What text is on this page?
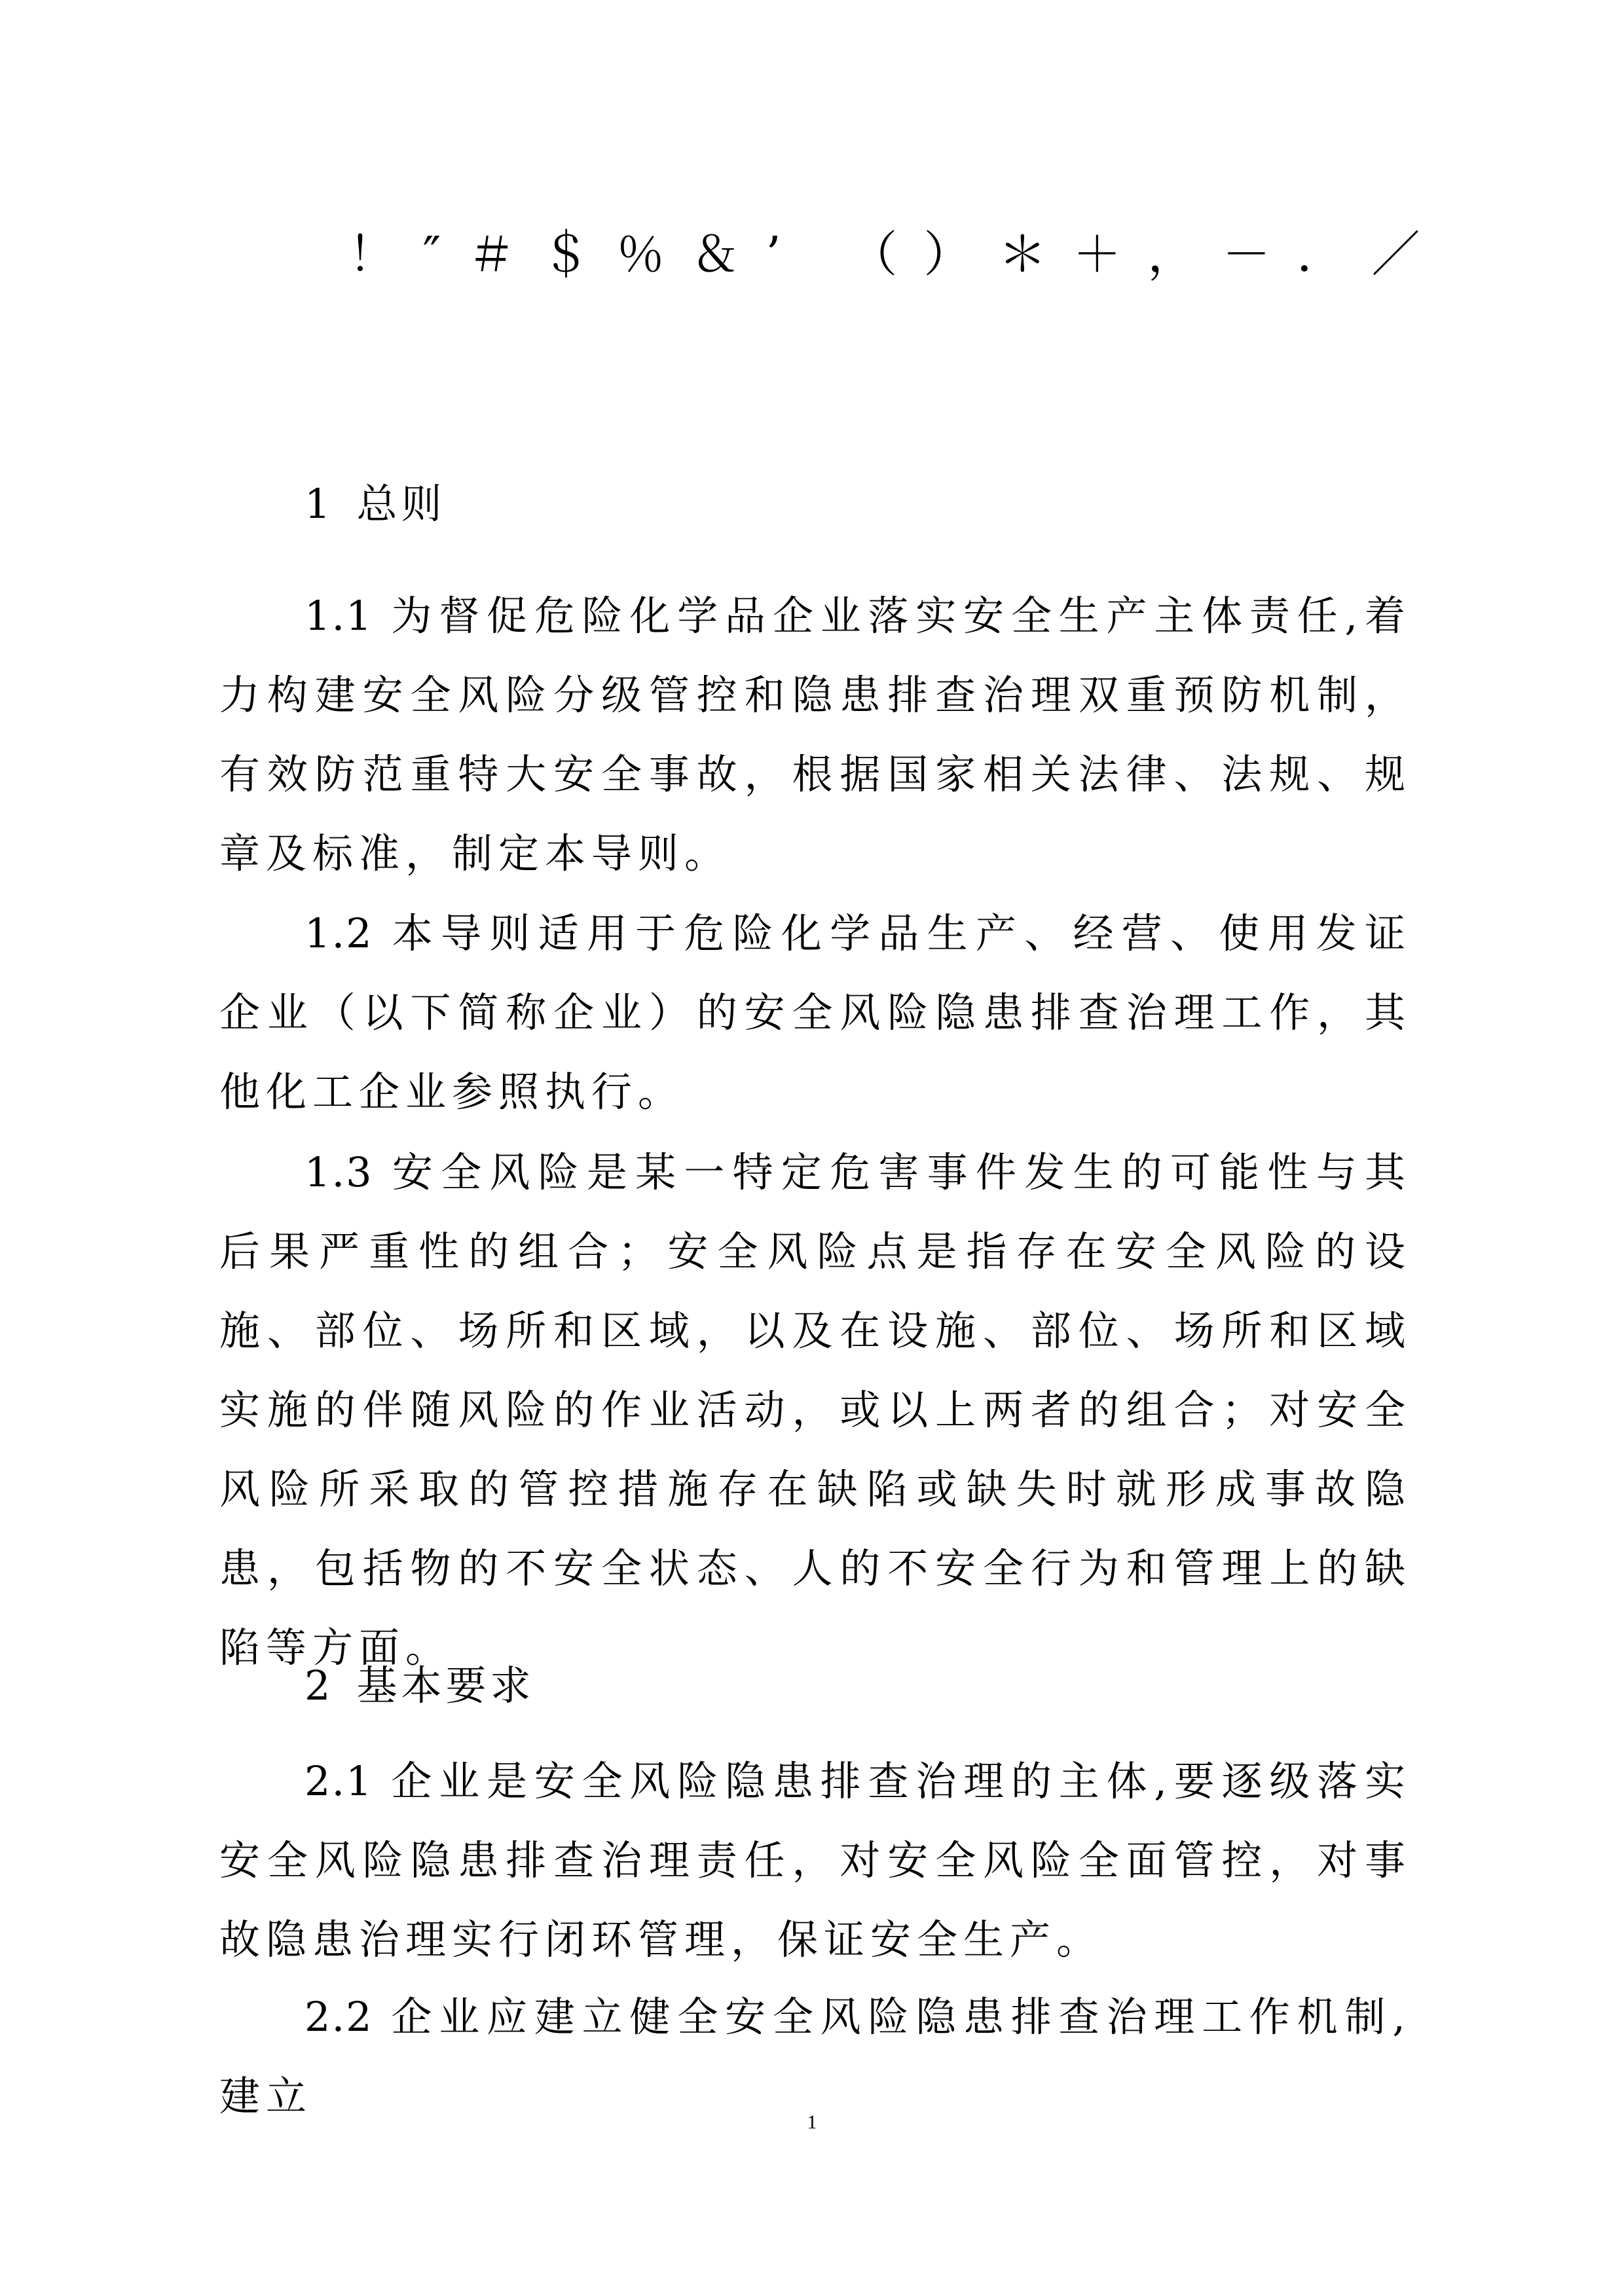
！″＃＄％＆’ （）＊＋，－．／
1 总则

1.1 为督促危险化学品企业落实安全生产主体责任,着力构建安全风险分级管控和隐患排查治理双重预防机制，有效防范重特大安全事故，根据国家相关法律、法规、规章及标准，制定本导则。

1.2 本导则适用于危险化学品生产、经营、使用发证企业（以下简称企业）的安全风险隐患排查治理工作，其他化工企业参照执行。

1.3 安全风险是某一特定危害事件发生的可能性与其后果严重性的组合；安全风险点是指存在安全风险的设施、部位、场所和区域，以及在设施、部位、场所和区域实施的伴随风险的作业活动，或以上两者的组合；对安全风险所采取的管控措施存在缺陷或缺失时就形成事故隐患，包括物的不安全状态、人的不安全行为和管理上的缺陷等方面。

2 基本要求

2.1 企业是安全风险隐患排查治理的主体,要逐级落实安全风险隐患排查治理责任，对安全风险全面管控，对事故隐患治理实行闭环管理，保证安全生产。

2.2 企业应建立健全安全风险隐患排查治理工作机制,建立

1
